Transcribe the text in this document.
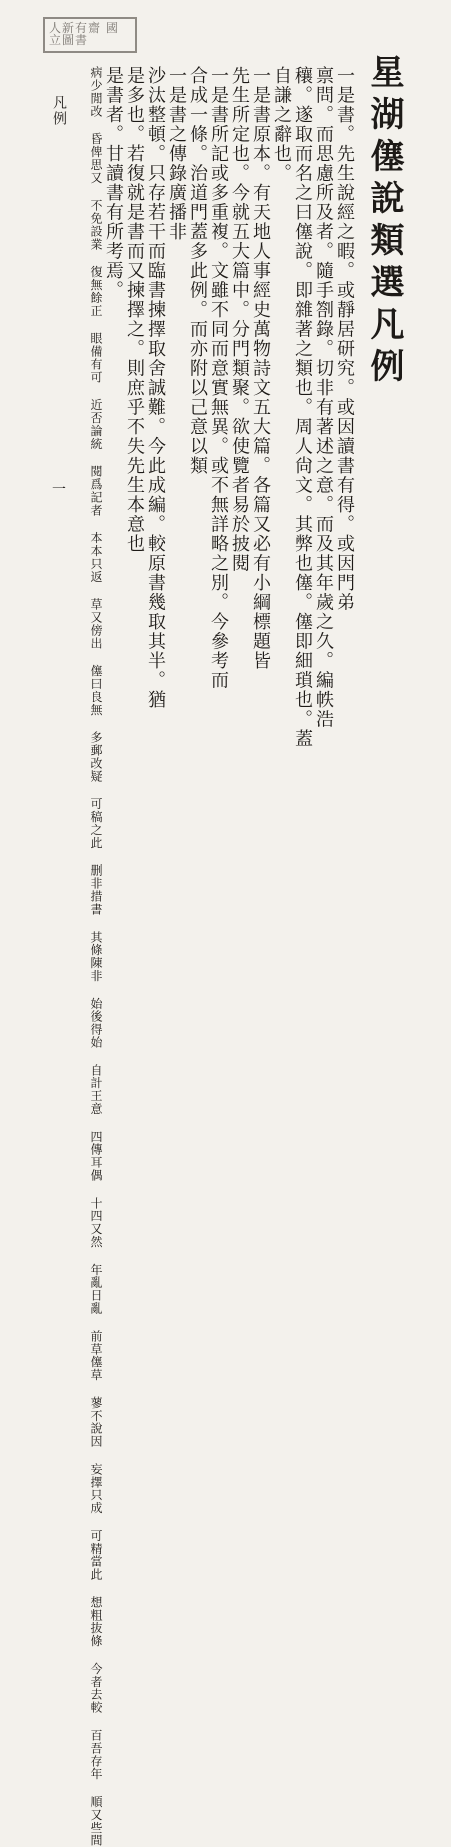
人新有齋 國立圖書
星湖僿說類選凡例
一是書。先生說經之暇。或靜居研究。或因讀書有得。或因門弟
禀問。而思慮所及者。隨手劄錄。切非有著述之意。而及其年歲之久。編帙浩
穰。遂取而名之曰僿說。即雜著之類也。周人尙文。其弊也僿。僿即細瑣也。蓋
自謙之辭也。
一是書原本。有天地人事經史萬物詩文五大篇。各篇又必有小綱標題皆
先生所定也。今就五大篇中。分門類聚。欲使覽者易於披閱
一是書所記或多重複。文雖不同而意實無異。或不無詳略之別。今參考而
合成一條。治道門蓋多此例。而亦附以己意以類
一是書之傳錄廣播非
沙汰整頓。只存若干而臨書揀擇取舍誠難。今此成編。較原書幾取其半。猶
是多也。若復就是書而又揀擇之。則庶乎不失先生本意也
是書者。甘讀書有所考焉。
凡例
一
病少閒改 昏俾思又 不免設業 復無餘正 眼備有可 近否論統 閱爲記者 本本只返 草又傍出 僿曰良無 多郵改疑 可稿之此 删非措書 其條陳非 始後得始 自計王意 四傳耳偶 十四又然 年亂日亂 前草僿草 蓼不說因 妄擇只成 可精當此 想粗抜條 今者去較 百吾存年 順又些間
